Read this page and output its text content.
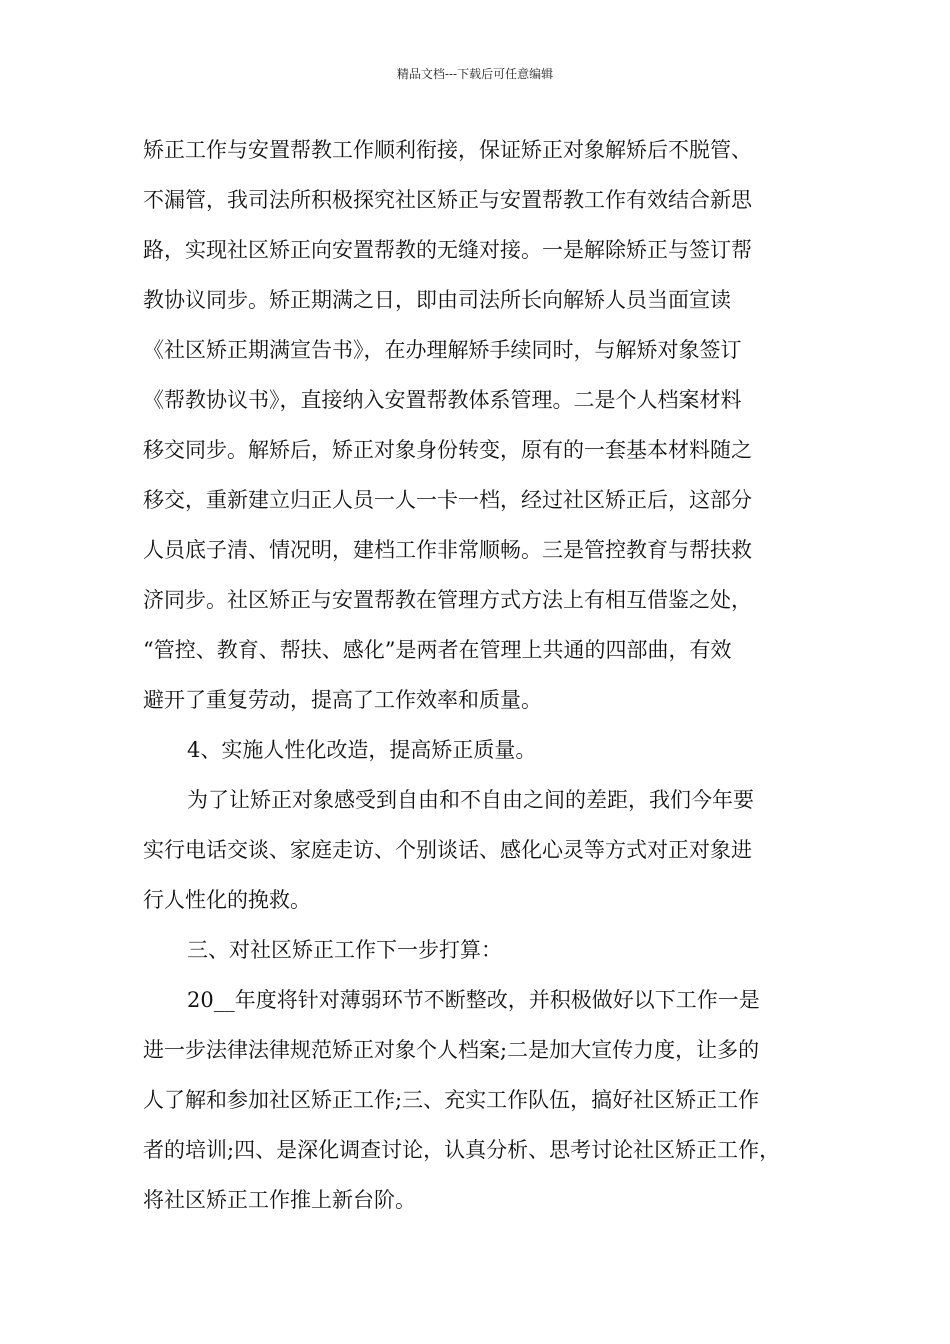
精品文档---下载后可任意编辑
矫正工作与安置帮教工作顺利衔接，保证矫正对象解矫后不脱管、
不漏管，我司法所积极探究社区矫正与安置帮教工作有效结合新思
路，实现社区矫正向安置帮教的无缝对接。一是解除矫正与签订帮
教协议同步。矫正期满之日，即由司法所长向解矫人员当面宣读
《社区矫正期满宣告书》，在办理解矫手续同时，与解矫对象签订
《帮教协议书》，直接纳入安置帮教体系管理。二是个人档案材料
移交同步。解矫后，矫正对象身份转变，原有的一套基本材料随之
移交，重新建立归正人员一人一卡一档，经过社区矫正后，这部分
人员底子清、情况明，建档工作非常顺畅。三是管控教育与帮扶救
济同步。社区矫正与安置帮教在管理方式方法上有相互借鉴之处，
“管控、教育、帮扶、感化”是两者在管理上共通的四部曲，有效
避开了重复劳动，提高了工作效率和质量。
4、实施人性化改造，提高矫正质量。
为了让矫正对象感受到自由和不自由之间的差距，我们今年要
实行电话交谈、家庭走访、个别谈话、感化心灵等方式对正对象进
行人性化的挽救。
三、对社区矫正工作下一步打算：
20__年度将针对薄弱环节不断整改，并积极做好以下工作一是
进一步法律法律规范矫正对象个人档案;二是加大宣传力度，让多的
人了解和参加社区矫正工作;三、充实工作队伍，搞好社区矫正工作
者的培训;四、是深化调查讨论，认真分析、思考讨论社区矫正工作，
将社区矫正工作推上新台阶。
